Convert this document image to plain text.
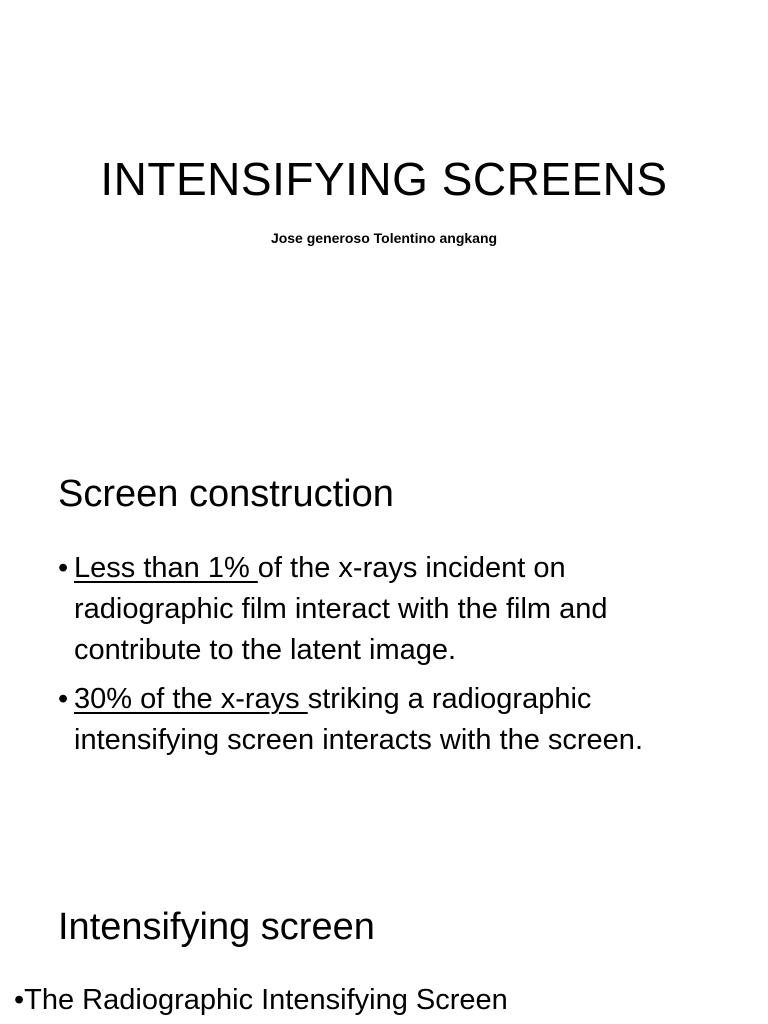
INTENSIFYING SCREENS
Jose generoso Tolentino angkang
Screen construction
• Less than 1% of the x-rays incident on radiographic film interact with the film and contribute to the latent image.
• 30% of the x-rays striking a radiographic intensifying screen interacts with the screen.
Intensifying screen
•The Radiographic Intensifying Screen
